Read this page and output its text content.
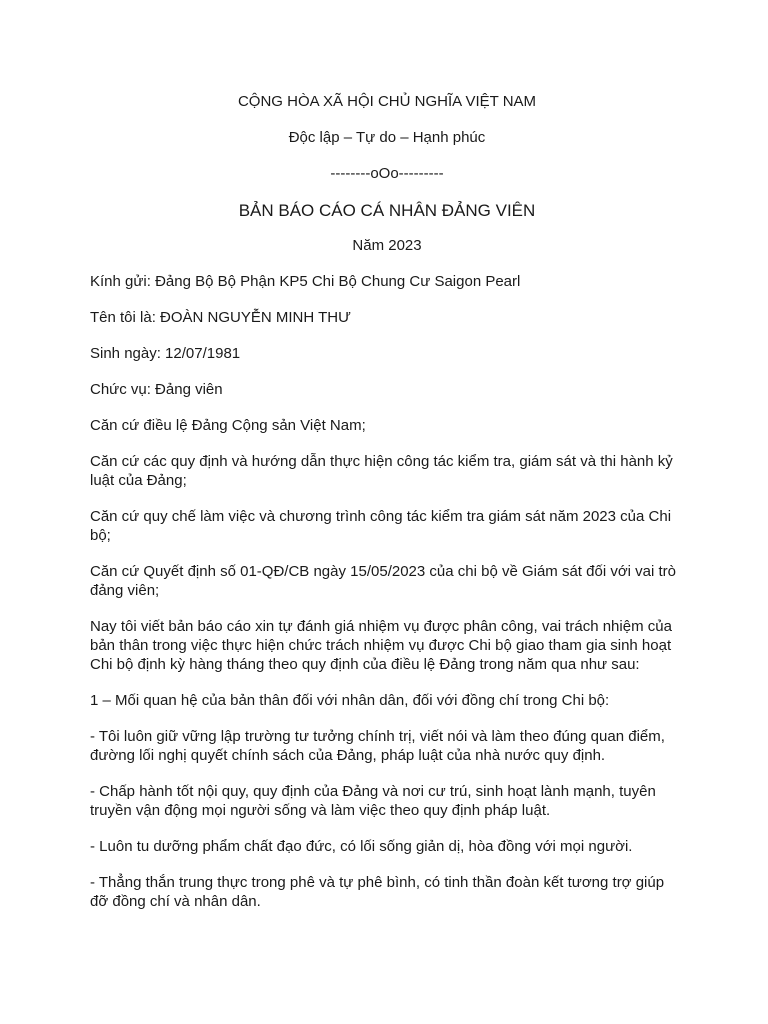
CỘNG HÒA XÃ HỘI CHỦ NGHĨA VIỆT NAM

Độc lập – Tự do – Hạnh phúc

--------oOo---------

BẢN BÁO CÁO CÁ NHÂN ĐẢNG VIÊN

Năm 2023

Kính gửi: Đảng Bộ Bộ Phận KP5 Chi Bộ Chung Cư Saigon Pearl

Tên tôi là: ĐOÀN NGUYỄN MINH THƯ

Sinh ngày: 12/07/1981

Chức vụ: Đảng viên

Căn cứ điều lệ Đảng Cộng sản Việt Nam;

Căn cứ các quy định và hướng dẫn thực hiện công tác kiểm tra, giám sát và thi hành kỷ luật của Đảng;

Căn cứ quy chế làm việc và chương trình công tác kiểm tra giám sát năm 2023 của Chi bộ;

Căn cứ Quyết định số 01-QĐ/CB ngày 15/05/2023 của chi bộ về Giám sát đối với vai trò đảng viên;

Nay tôi viết bản báo cáo xin tự đánh giá nhiệm vụ được phân công, vai trách nhiệm của bản thân trong việc thực hiện chức trách nhiệm vụ được Chi bộ giao tham gia sinh hoạt Chi bộ định kỳ hàng tháng theo quy định của điều lệ Đảng trong năm qua như sau:

1 – Mối quan hệ của bản thân đối với nhân dân, đối với đồng chí trong Chi bộ:

- Tôi luôn giữ vững lập trường tư tưởng chính trị, viết nói và làm theo đúng quan điểm, đường lối nghị quyết chính sách của Đảng, pháp luật của nhà nước quy định.

- Chấp hành tốt nội quy, quy định của Đảng và nơi cư trú, sinh hoạt lành mạnh, tuyên truyền vận động mọi người sống và làm việc theo quy định pháp luật.

- Luôn tu dưỡng phẩm chất đạo đức, có lối sống giản dị, hòa đồng với mọi người.

- Thẳng thắn trung thực trong phê và tự phê bình, có tinh thần đoàn kết tương trợ giúp đỡ đồng chí và nhân dân.
